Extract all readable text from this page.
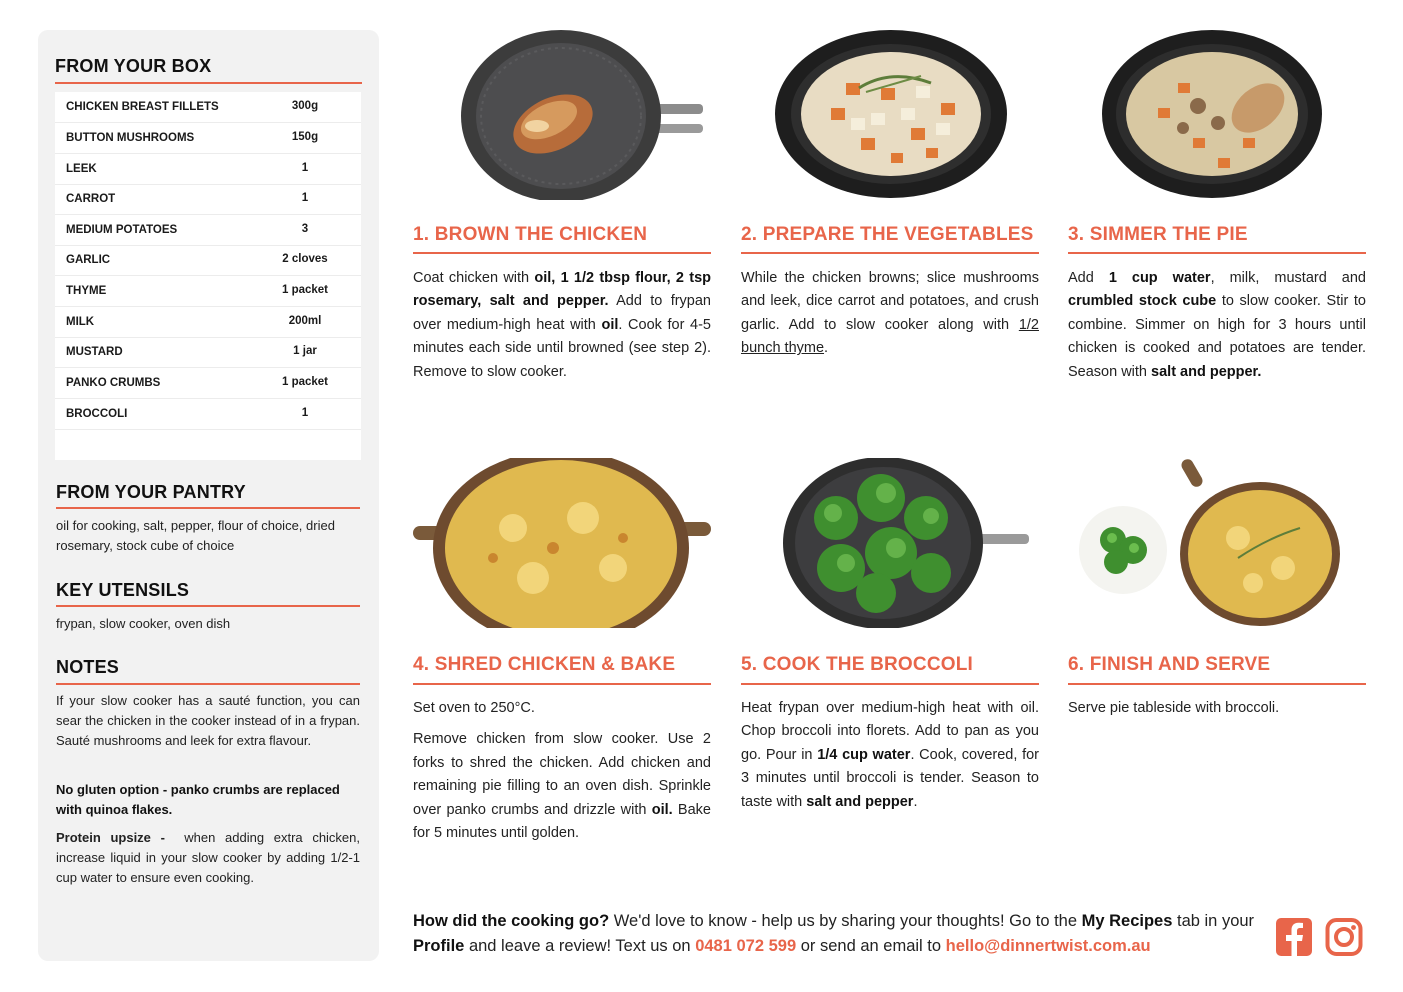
FROM YOUR BOX
CHICKEN BREAST FILLETS	300g
BUTTON MUSHROOMS	150g
LEEK	1
CARROT	1
MEDIUM POTATOES	3
GARLIC	2 cloves
THYME	1 packet
MILK	200ml
MUSTARD	1 jar
PANKO CRUMBS	1 packet
BROCCOLI	1
FROM YOUR PANTRY
oil for cooking, salt, pepper, flour of choice, dried rosemary, stock cube of choice
KEY UTENSILS
frypan, slow cooker, oven dish
NOTES
If your slow cooker has a sauté function, you can sear the chicken in the cooker instead of in a frypan. Sauté mushrooms and leek for extra flavour.
No gluten option - panko crumbs are replaced with quinoa flakes.
Protein upsize - when adding extra chicken, increase liquid in your slow cooker by adding 1/2-1 cup water to ensure even cooking.
1. BROWN THE CHICKEN

Coat chicken with oil, 1 1/2 tbsp flour, 2 tsp rosemary, salt and pepper. Add to frypan over medium-high heat with oil. Cook for 4-5 minutes each side until browned (see step 2). Remove to slow cooker.

2. PREPARE THE VEGETABLES

While the chicken browns; slice mushrooms and leek, dice carrot and potatoes, and crush garlic. Add to slow cooker along with 1/2 bunch thyme.

3. SIMMER THE PIE

Add 1 cup water, milk, mustard and crumbled stock cube to slow cooker. Stir to combine. Simmer on high for 3 hours until chicken is cooked and potatoes are tender. Season with salt and pepper.

4. SHRED CHICKEN & BAKE

Set oven to 250°C.

Remove chicken from slow cooker. Use 2 forks to shred the chicken. Add chicken and remaining pie filling to an oven dish. Sprinkle over panko crumbs and drizzle with oil. Bake for 5 minutes until golden.

5. COOK THE BROCCOLI

Heat frypan over medium-high heat with oil. Chop broccoli into florets. Add to pan as you go. Pour in 1/4 cup water. Cook, covered, for 3 minutes until broccoli is tender. Season to taste with salt and pepper.

6. FINISH AND SERVE

Serve pie tableside with broccoli.

How did the cooking go? We'd love to know - help us by sharing your thoughts! Go to the My Recipes tab in your Profile and leave a review! Text us on 0481 072 599 or send an email to hello@dinnertwist.com.au
